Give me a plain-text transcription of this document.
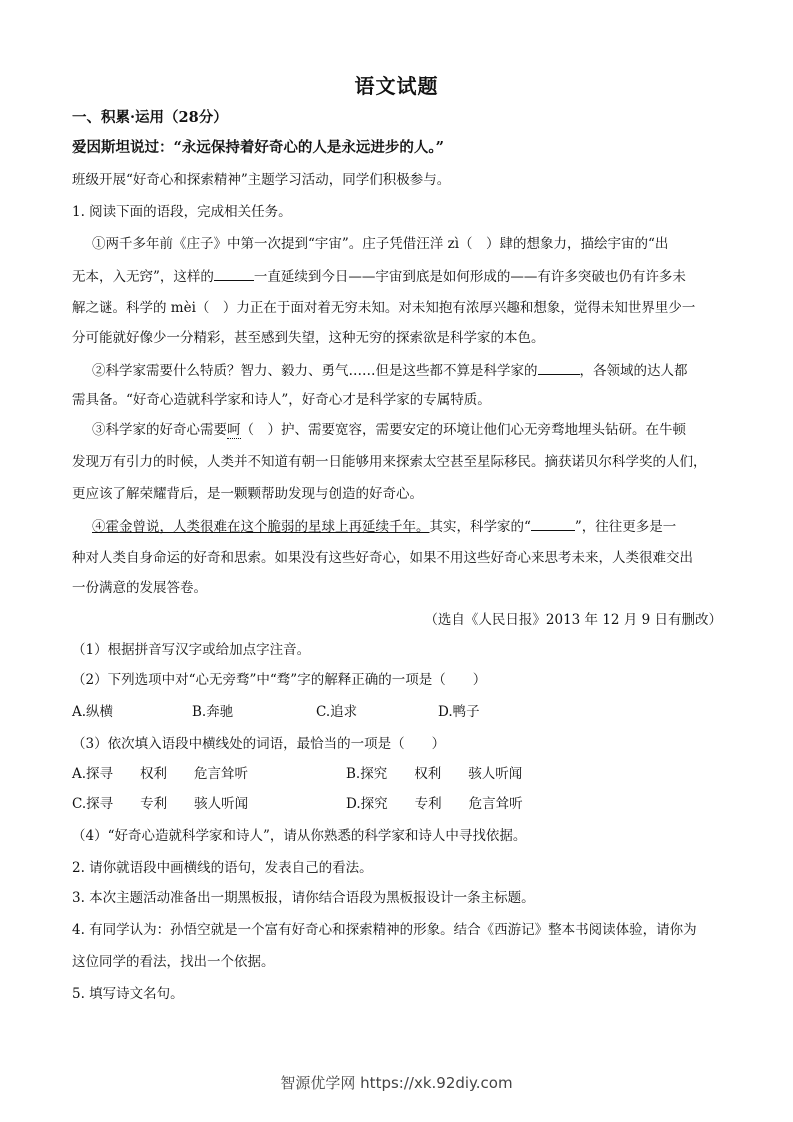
语文试题
一、积累·运用（28分）
爱因斯坦说过：“永远保持着好奇心的人是永远进步的人。”
班级开展“好奇心和探索精神”主题学习活动，同学们积极参与。
1. 阅读下面的语段，完成相关任务。
①两千多年前《庄子》中第一次提到“宇宙”。庄子凭借汪洋 zì（　）肆的想象力，描绘宇宙的“出
无本，入无窍”，这样的	一直延续到今日——宇宙到底是如何形成的——有许多突破也仍有许多未
解之谜。科学的 mèi（　）力正在于面对着无穷未知。对未知抱有浓厚兴趣和想象，觉得未知世界里少一
分可能就好像少一分精彩，甚至感到失望，这种无穷的探索欲是科学家的本色。
②科学家需要什么特质？智力、毅力、勇气……但是这些都不算是科学家的	，各领域的达人都
需具备。“好奇心造就科学家和诗人”，好奇心才是科学家的专属特质。
③科学家的好奇心需要呵（　）护、需要宽容，需要安定的环境让他们心无旁骛地埋头钻研。在牛顿
发现万有引力的时候，人类并不知道有朝一日能够用来探索太空甚至星际移民。摘获诺贝尔科学奖的人们，
更应该了解荣耀背后，是一颗颗帮助发现与创造的好奇心。
④霍金曾说，人类很难在这个脆弱的星球上再延续千年。其实，科学家的“	”，往往更多是一
种对人类自身命运的好奇和思索。如果没有这些好奇心，如果不用这些好奇心来思考未来，人类很难交出
一份满意的发展答卷。
（选自《人民日报》2013 年 12 月 9 日有删改）
（1）根据拼音写汉字或给加点字注音。
（2）下列选项中对“心无旁骛”中“骛”字的解释正确的一项是（　　）
A.纵横	B.奔驰	C.追求	D.鸭子
（3）依次填入语段中横线处的词语，最恰当的一项是（　　）
A.探寻　　权利　　危言耸听	B.探究　　权利　　骇人听闻
C.探寻　　专利　　骇人听闻	D.探究　　专利　　危言耸听
（4）“好奇心造就科学家和诗人”，请从你熟悉的科学家和诗人中寻找依据。
2. 请你就语段中画横线的语句，发表自己的看法。
3. 本次主题活动准备出一期黑板报，请你结合语段为黑板报设计一条主标题。
4. 有同学认为：孙悟空就是一个富有好奇心和探索精神的形象。结合《西游记》整本书阅读体验，请你为
这位同学的看法，找出一个依据。
5. 填写诗文名句。
智源优学网 https://xk.92diy.com
